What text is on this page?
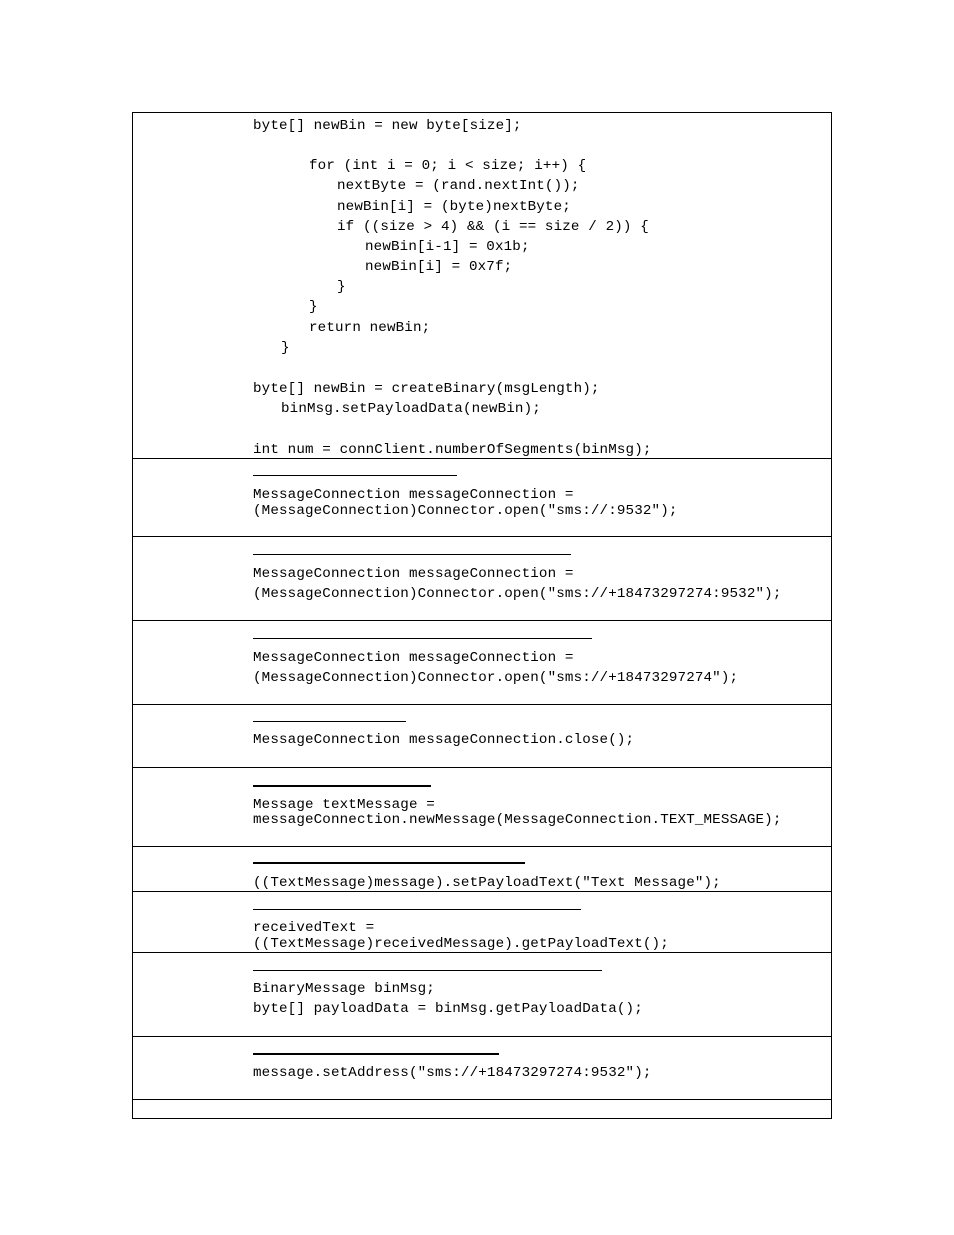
byte[] newBin = new byte[size];
for (int i = 0; i < size; i++) {
nextByte = (rand.nextInt());
newBin[i] = (byte)nextByte;
if ((size > 4) && (i == size / 2)) {
newBin[i-1] = 0x1b;
newBin[i] = 0x7f;
}
}
return newBin;
}
byte[] newBin = createBinary(msgLength);
binMsg.setPayloadData(newBin);
int num = connClient.numberOfSegments(binMsg);
MessageConnection messageConnection =
(MessageConnection)Connector.open("sms://:9532");
MessageConnection messageConnection =
(MessageConnection)Connector.open("sms://+18473297274:9532");
MessageConnection messageConnection =
(MessageConnection)Connector.open("sms://+18473297274");
MessageConnection messageConnection.close();
Message textMessage =
messageConnection.newMessage(MessageConnection.TEXT_MESSAGE);
((TextMessage)message).setPayloadText("Text Message");
receivedText =
((TextMessage)receivedMessage).getPayloadText();
BinaryMessage binMsg;
byte[] payloadData = binMsg.getPayloadData();
message.setAddress("sms://+18473297274:9532");
